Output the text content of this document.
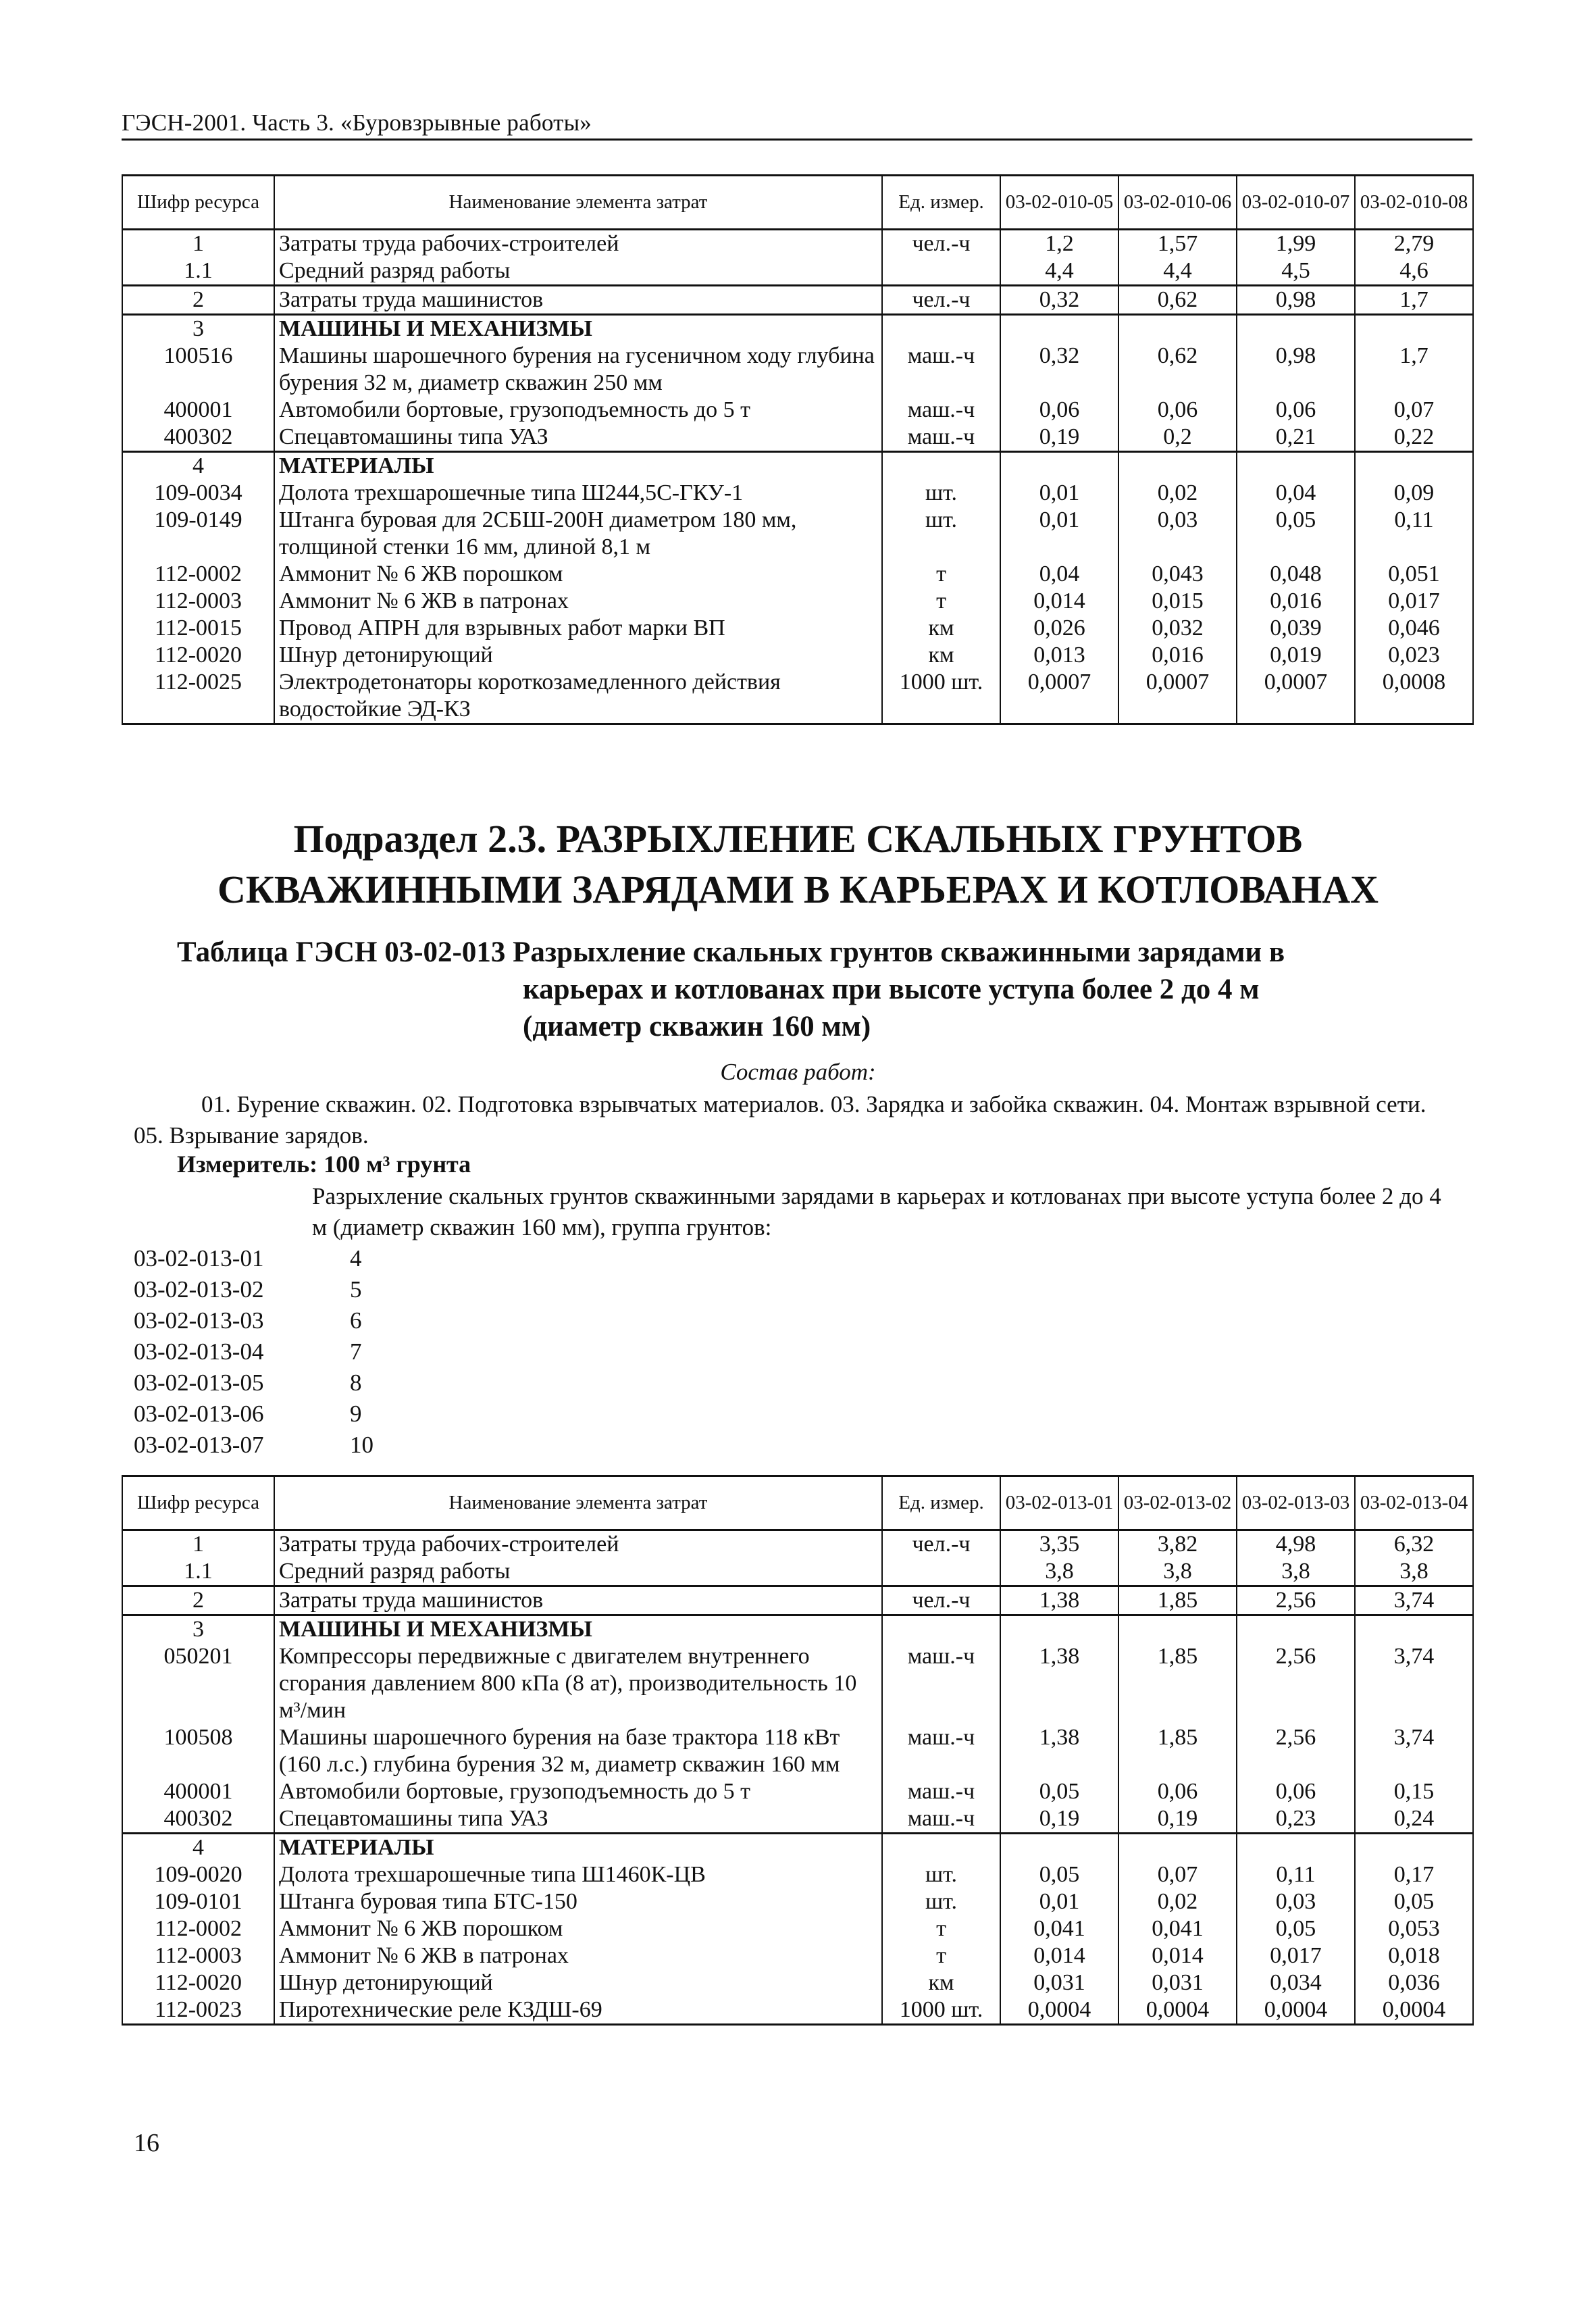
ГЭСН-2001. Часть 3. «Буровзрывные работы»
Шифр ресурса	Наименование элемента затрат	Ед. измер.	03-02-010-05	03-02-010-06	03-02-010-07	03-02-010-08
1	Затраты труда рабочих-строителей	чел.-ч	1,2	1,57	1,99	2,79
1.1	Средний разряд работы		4,4	4,4	4,5	4,6
2	Затраты труда машинистов	чел.-ч	0,32	0,62	0,98	1,7
3	МАШИНЫ И МЕХАНИЗМЫ					
100516	Машины шарошечного бурения на гусеничном ходу глубина бурения 32 м, диаметр скважин 250 мм	маш.-ч	0,32	0,62	0,98	1,7
400001	Автомобили бортовые, грузоподъемность до 5 т	маш.-ч	0,06	0,06	0,06	0,07
400302	Спецавтомашины типа УАЗ	маш.-ч	0,19	0,2	0,21	0,22
4	МАТЕРИАЛЫ					
109-0034	Долота трехшарошечные типа Ш244,5С-ГКУ-1	шт.	0,01	0,02	0,04	0,09
109-0149	Штанга буровая для 2СБШ-200Н диаметром 180 мм, толщиной стенки 16 мм, длиной 8,1 м	шт.	0,01	0,03	0,05	0,11
112-0002	Аммонит № 6 ЖВ порошком	т	0,04	0,043	0,048	0,051
112-0003	Аммонит № 6 ЖВ в патронах	т	0,014	0,015	0,016	0,017
112-0015	Провод АПРН для взрывных работ марки ВП	км	0,026	0,032	0,039	0,046
112-0020	Шнур детонирующий	км	0,013	0,016	0,019	0,023
112-0025	Электродетонаторы короткозамедленного действия водостойкие ЭД-КЗ	1000 шт.	0,0007	0,0007	0,0007	0,0008
Подраздел 2.3. РАЗРЫХЛЕНИЕ СКАЛЬНЫХ ГРУНТОВ
СКВАЖИННЫМИ ЗАРЯДАМИ В КАРЬЕРАХ И КОТЛОВАНАХ
Таблица ГЭСН 03-02-013 Разрыхление скальных грунтов скважинными зарядами в
карьерах и котлованах при высоте уступа более 2 до 4 м
(диаметр скважин 160 мм)
Состав работ:
01. Бурение скважин. 02. Подготовка взрывчатых материалов. 03. Зарядка и забойка скважин. 04. Монтаж взрывной сети. 05. Взрывание зарядов.
Измеритель: 100 м³ грунта
Разрыхление скальных грунтов скважинными зарядами в карьерах и котлованах при высоте уступа более 2 до 4 м (диаметр скважин 160 мм), группа грунтов:
03-02-013-01	4
03-02-013-02	5
03-02-013-03	6
03-02-013-04	7
03-02-013-05	8
03-02-013-06	9
03-02-013-07	10
Шифр ресурса	Наименование элемента затрат	Ед. измер.	03-02-013-01	03-02-013-02	03-02-013-03	03-02-013-04
1	Затраты труда рабочих-строителей	чел.-ч	3,35	3,82	4,98	6,32
1.1	Средний разряд работы		3,8	3,8	3,8	3,8
2	Затраты труда машинистов	чел.-ч	1,38	1,85	2,56	3,74
3	МАШИНЫ И МЕХАНИЗМЫ					
050201	Компрессоры передвижные с двигателем внутреннего сгорания давлением 800 кПа (8 ат), производительность 10 м³/мин	маш.-ч	1,38	1,85	2,56	3,74
100508	Машины шарошечного бурения на базе трактора 118 кВт (160 л.с.) глубина бурения 32 м, диаметр скважин 160 мм	маш.-ч	1,38	1,85	2,56	3,74
400001	Автомобили бортовые, грузоподъемность до 5 т	маш.-ч	0,05	0,06	0,06	0,15
400302	Спецавтомашины типа УАЗ	маш.-ч	0,19	0,19	0,23	0,24
4	МАТЕРИАЛЫ					
109-0020	Долота трехшарошечные типа Ш1460К-ЦВ	шт.	0,05	0,07	0,11	0,17
109-0101	Штанга буровая типа БТС-150	шт.	0,01	0,02	0,03	0,05
112-0002	Аммонит № 6 ЖВ порошком	т	0,041	0,041	0,05	0,053
112-0003	Аммонит № 6 ЖВ в патронах	т	0,014	0,014	0,017	0,018
112-0020	Шнур детонирующий	км	0,031	0,031	0,034	0,036
112-0023	Пиротехнические реле КЗДШ-69	1000 шт.	0,0004	0,0004	0,0004	0,0004
16
